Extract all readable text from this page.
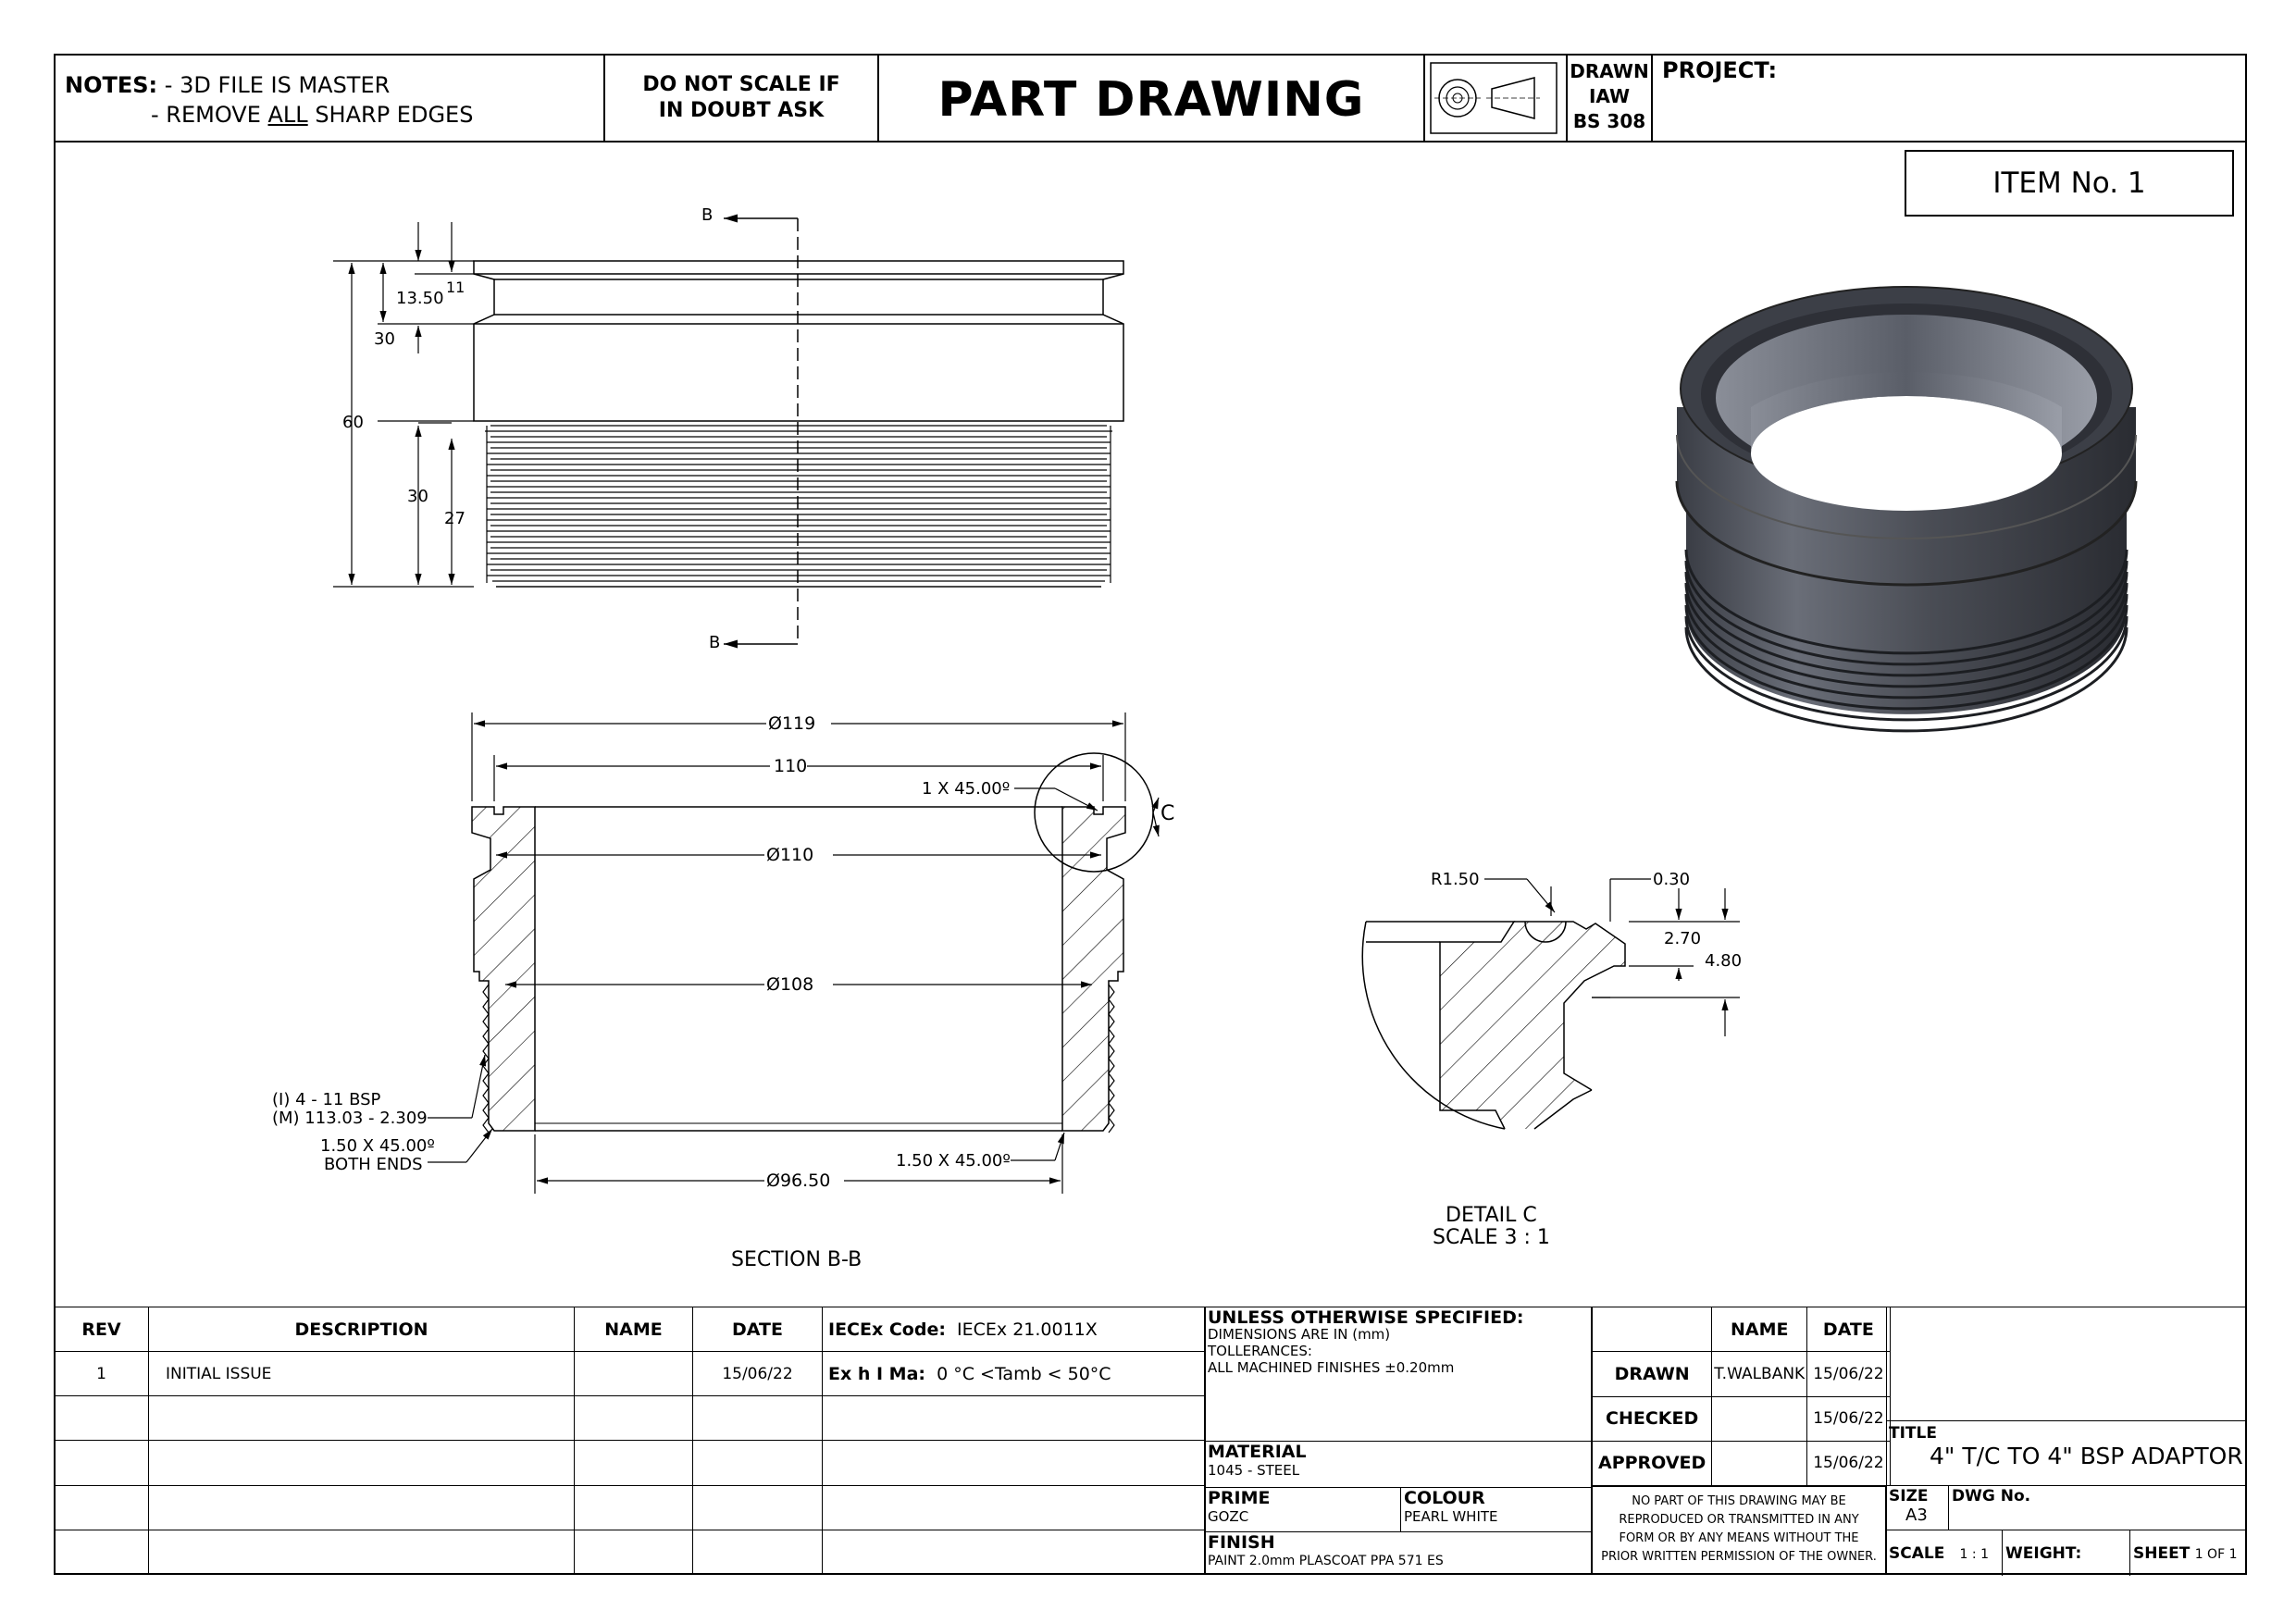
NOTES: - 3D FILE IS MASTER
- REMOVE ALL SHARP EDGES
DO NOT SCALE IF
IN DOUBT ASK	PART DRAWING
DRAWN
IAW
BS 308
PROJECT:
ITEM No. 1
B
B
13.50
11
30
60
30
27
Ø119
110
1 X 45.00º
C
Ø110
Ø108
(I) 4 - 11 BSP
(M) 113.03 - 2.309
1.50 X 45.00º
BOTH ENDS	1.50 X 45.00º
Ø96.50
SECTION B-B
R1.50	0.30
2.70
4.80
DETAIL C
SCALE 3 : 1
REV	DESCRIPTION	NAME	DATE	IECEx Code: IECEx 21.0011X
1	INITIAL ISSUE		15/06/22	Ex h I Ma: 0 °C <Tamb < 50°C

UNLESS OTHERWISE SPECIFIED:
DIMENSIONS ARE IN (mm)
TOLLERANCES:
ALL MACHINED FINISHES ±0.20mm
MATERIAL
1045 - STEEL
PRIME
GOZC
COLOUR
PEARL WHITE
FINISH
PAINT 2.0mm PLASCOAT PPA 571 ES
	NAME	DATE
DRAWN	T.WALBANK	15/06/22
CHECKED		15/06/22
APPROVED		15/06/22
NO PART OF THIS DRAWING MAY BE
REPRODUCED OR TRANSMITTED IN ANY
FORM OR BY ANY MEANS WITHOUT THE
PRIOR WRITTEN PERMISSION OF THE OWNER.
TITLE
4" T/C TO 4" BSP ADAPTOR
SIZE
A3
DWG No.
SCALE 1 : 1 WEIGHT:	SHEET 1 OF 1
